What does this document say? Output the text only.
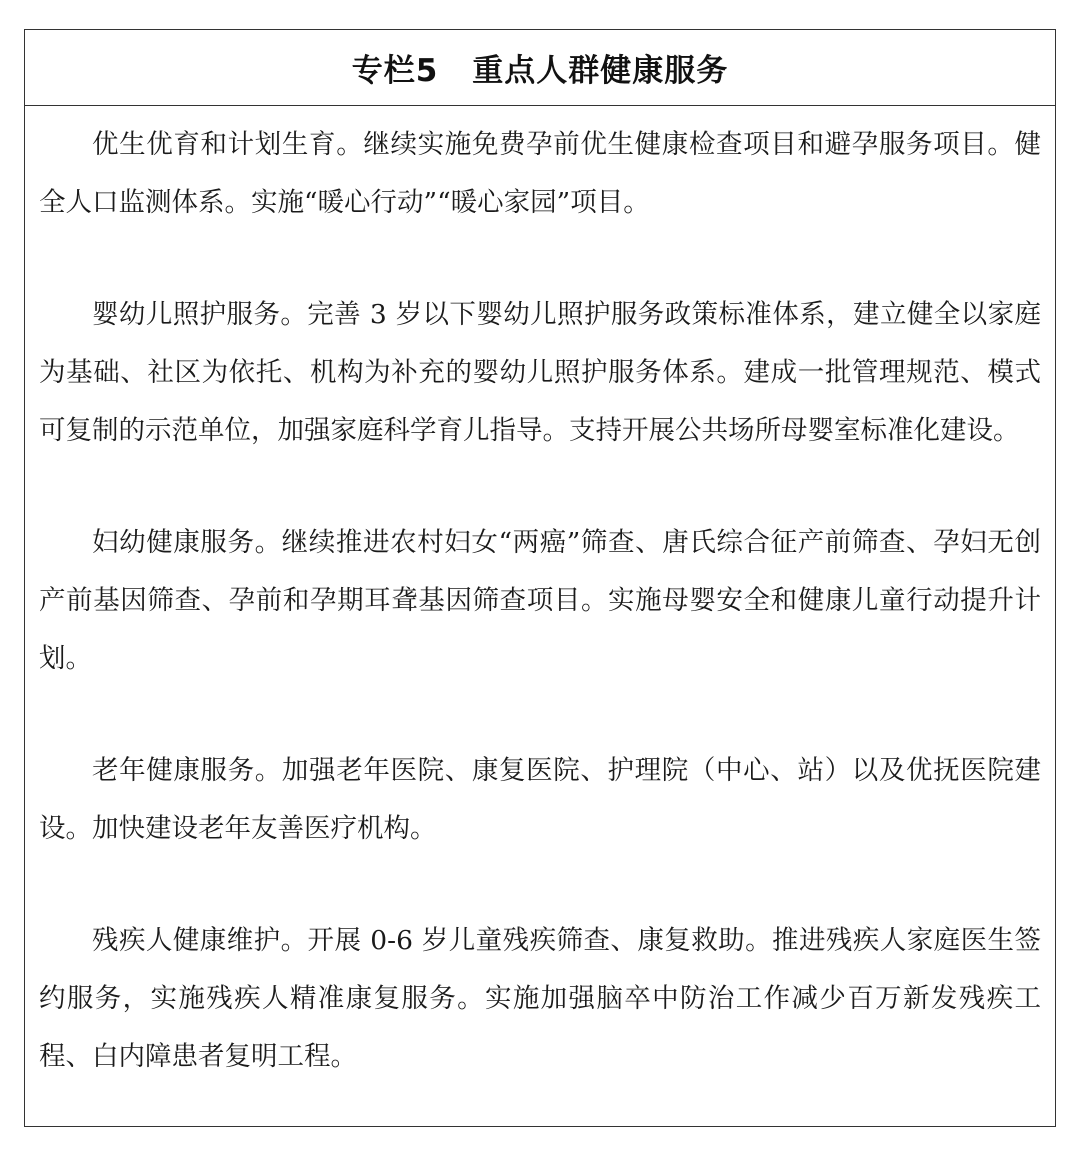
专栏5 重点人群健康服务

优生优育和计划生育。继续实施免费孕前优生健康检查项目和避孕服务项目。健全人口监测体系。实施“暖心行动”“暖心家园”项目。

婴幼儿照护服务。完善 3 岁以下婴幼儿照护服务政策标准体系，建立健全以家庭为基础、社区为依托、机构为补充的婴幼儿照护服务体系。建成一批管理规范、模式可复制的示范单位，加强家庭科学育儿指导。支持开展公共场所母婴室标准化建设。

妇幼健康服务。继续推进农村妇女“两癌”筛查、唐氏综合征产前筛查、孕妇无创产前基因筛查、孕前和孕期耳聋基因筛查项目。实施母婴安全和健康儿童行动提升计划。

老年健康服务。加强老年医院、康复医院、护理院（中心、站）以及优抚医院建设。加快建设老年友善医疗机构。

残疾人健康维护。开展 0-6 岁儿童残疾筛查、康复救助。推进残疾人家庭医生签约服务，实施残疾人精准康复服务。实施加强脑卒中防治工作减少百万新发残疾工程、白内障患者复明工程。
